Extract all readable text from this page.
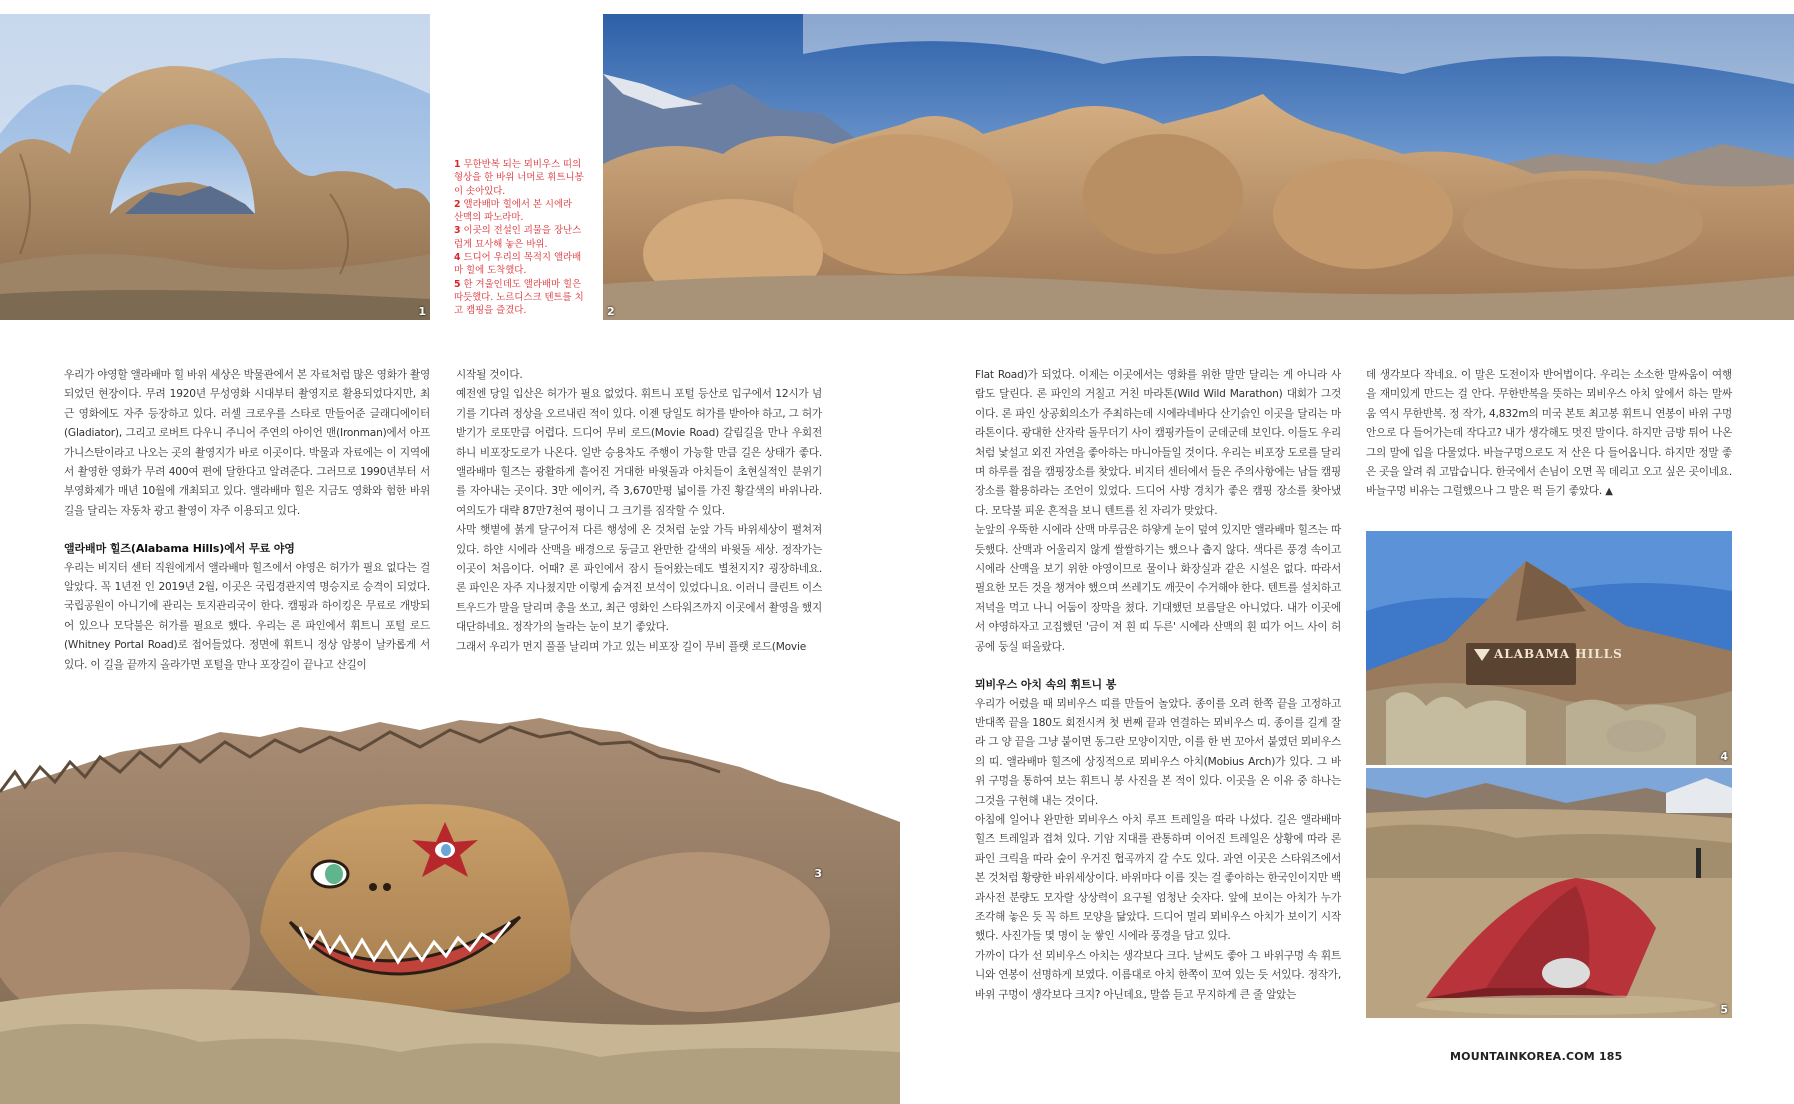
1

1 무한반복 되는 뫼비우스 띠의 형상을 한 바위 너머로 휘트니봉이 솟아있다.

2 앨라배마 힐에서 본 시에라 산맥의 파노라마.

3 이곳의 전설인 괴물을 장난스럽게 묘사해 놓은 바위.

4 드디어 우리의 목적지 앨라배마 힐에 도착했다.

5 한 겨울인데도 앨라배마 힐은 따듯했다. 노르디스크 텐트를 치고 캠핑을 즐겼다.	2

우리가 야영할 앨라배마 힐 바위 세상은 박물관에서 본 자료처럼 많은 영화가 촬영되었던 현장이다. 무려 1920년 무성영화 시대부터 촬영지로 활용되었다지만, 최근 영화에도 자주 등장하고 있다. 러셀 크로우를 스타로 만들어준 글래디에이터(Gladiator), 그리고 로버트 다우니 주니어 주연의 아이언 맨(Ironman)에서 아프가니스탄이라고 나오는 곳의 촬영지가 바로 이곳이다. 박물과 자료에는 이 지역에서 촬영한 영화가 무려 400여 편에 달한다고 알려준다. 그러므로 1990년부터 서부영화제가 매년 10월에 개최되고 있다. 앨라배마 힐은 지금도 영화와 험한 바위길을 달리는 자동차 광고 촬영이 자주 이용되고 있다.

앨라배마 힐즈(Alabama Hills)에서 무료 야영

우리는 비지터 센터 직원에게서 앨라배마 힐즈에서 야영은 허가가 필요 없다는 걸 알았다. 꼭 1년전 인 2019년 2월, 이곳은 국립경관지역 명승지로 승격이 되었다. 국립공원이 아니기에 관리는 토지관리국이 한다. 캠핑과 하이킹은 무료로 개방되어 있으나 모닥불은 허가를 필요로 했다. 우리는 론 파인에서 휘트니 포털 로드(Whitney Portal Road)로 접어들었다. 정면에 휘트니 정상 암봉이 날카롭게 서있다. 이 길을 끝까지 올라가면 포털을 만나 포장길이 끝나고 산길이

시작될 것이다.

예전엔 당일 입산은 허가가 필요 없었다. 휘트니 포털 등산로 입구에서 12시가 넘기를 기다려 정상을 오르내린 적이 있다. 이젠 당일도 허가를 받아야 하고, 그 허가 받기가 로또만큼 어렵다. 드디어 무비 로드(Movie Road) 갈림길을 만나 우회전 하니 비포장도로가 나온다. 일반 승용차도 주행이 가능할 만큼 길은 상태가 좋다. 앨라배마 힐즈는 광활하게 흩어진 거대한 바윗돌과 아치들이 초현실적인 분위기를 자아내는 곳이다. 3만 에이커, 즉 3,670만평 넓이를 가진 황갈색의 바위나라. 여의도가 대략 87만7천여 평이니 그 크기를 짐작할 수 있다.

사막 햇볕에 붉게 달구어져 다른 행성에 온 것처럼 눈앞 가득 바위세상이 펼쳐져 있다. 하얀 시에라 산맥을 배경으로 둥글고 완만한 갈색의 바윗돌 세상. 정작가는 이곳이 처음이다. 어때? 론 파인에서 잠시 들어왔는데도 별천지지? 굉장하네요. 론 파인은 자주 지나쳤지만 이렇게 숨겨진 보석이 있었다니요. 이러니 클린트 이스트우드가 말을 달리며 총을 쏘고, 최근 영화인 스타워즈까지 이곳에서 촬영을 했지 대단하네요. 정작가의 놀라는 눈이 보기 좋았다.

그래서 우리가 먼지 풀풀 날리며 가고 있는 비포장 길이 무비 플랫 로드(Movie

3

Flat Road)가 되었다. 이제는 이곳에서는 영화를 위한 말만 달리는 게 아니라 사람도 달린다. 론 파인의 거칠고 거친 마라톤(Wild Wild Marathon) 대회가 그것이다. 론 파인 상공회의소가 주최하는데 시에라네바다 산기슭인 이곳을 달리는 마라톤이다. 광대한 산자락 돌무더기 사이 캠핑카들이 군데군데 보인다. 이들도 우리처럼 낯설고 외진 자연을 좋아하는 마니아들일 것이다. 우리는 비포장 도로를 달리며 하루를 접을 캠핑장소를 찾았다. 비지터 센터에서 들은 주의사항에는 남들 캠핑 장소를 활용하라는 조언이 있었다. 드디어 사방 경치가 좋은 캠핑 장소를 찾아냈다. 모닥불 피운 흔적을 보니 텐트를 친 자리가 맞았다.

눈앞의 우뚝한 시에라 산맥 마루금은 하얗게 눈이 덮여 있지만 앨라배마 힐즈는 따듯했다. 산맥과 어울리지 않게 쌀쌀하기는 했으나 춥지 않다. 색다른 풍경 속이고 시에라 산맥을 보기 위한 야영이므로 물이나 화장실과 같은 시설은 없다. 따라서 필요한 모든 것을 챙겨야 했으며 쓰레기도 깨끗이 수거해야 한다. 텐트를 설치하고 저녁을 먹고 나니 어둠이 장막을 쳤다. 기대했던 보름달은 아니었다. 내가 이곳에서 야영하자고 고집했던 '금이 져 흰 띠 두른' 시에라 산맥의 흰 띠가 어느 사이 허공에 둥실 떠올랐다.

뫼비우스 아치 속의 휘트니 봉

우리가 어렸을 때 뫼비우스 띠를 만들어 놀았다. 종이를 오려 한쪽 끝을 고정하고 반대쪽 끝을 180도 회전시켜 첫 번째 끝과 연결하는 뫼비우스 띠. 종이를 길게 잘라 그 양 끝을 그냥 붙이면 동그란 모양이지만, 이를 한 번 꼬아서 붙였던 뫼비우스의 띠. 앨라배마 힐즈에 상징적으로 뫼비우스 아치(Mobius Arch)가 있다. 그 바위 구멍을 통하여 보는 휘트니 봉 사진을 본 적이 있다. 이곳을 온 이유 중 하나는 그것을 구현해 내는 것이다.

아침에 일어나 완만한 뫼비우스 아치 루프 트레일을 따라 나섰다. 길은 앨라배마 힐즈 트레일과 겹쳐 있다. 기암 지대를 관통하며 이어진 트레일은 상황에 따라 론 파인 크릭을 따라 숲이 우거진 협곡까지 갈 수도 있다. 과연 이곳은 스타워즈에서 본 것처럼 황량한 바위세상이다. 바위마다 이름 짓는 걸 좋아하는 한국인이지만 백과사전 분량도 모자랄 상상력이 요구될 엄청난 숫자다. 앞에 보이는 아치가 누가 조각해 놓은 듯 꼭 하트 모양을 닮았다. 드디어 멀리 뫼비우스 아치가 보이기 시작했다. 사진가들 몇 명이 눈 쌓인 시에라 풍경을 담고 있다.

가까이 다가 선 뫼비우스 아치는 생각보다 크다. 날씨도 좋아 그 바위구멍 속 휘트니와 연봉이 선명하게 보였다. 이름대로 아치 한쪽이 꼬여 있는 듯 서있다. 정작가, 바위 구멍이 생각보다 크지? 아닌데요, 말씀 듣고 무지하게 큰 줄 알았는

데 생각보다 작네요. 이 말은 도전이자 반어법이다. 우리는 소소한 말싸움이 여행을 재미있게 만드는 걸 안다. 무한반복을 뜻하는 뫼비우스 아치 앞에서 하는 말싸움 역시 무한반복. 정 작가, 4,832m의 미국 본토 최고봉 휘트니 연봉이 바위 구멍 안으로 다 들어가는데 작다고? 내가 생각해도 멋진 말이다. 하지만 금방 튀어 나온 그의 말에 입을 다물었다. 바늘구멍으로도 저 산은 다 들어옵니다. 하지만 정말 좋은 곳을 알려 줘 고맙습니다. 한국에서 손님이 오면 꼭 데리고 오고 싶은 곳이네요. 바늘구멍 비유는 그럴했으나 그 말은 퍽 듣기 좋았다. ▲

ALABAMA HILLS
4
5
MOUNTAINKOREA.COM 185
